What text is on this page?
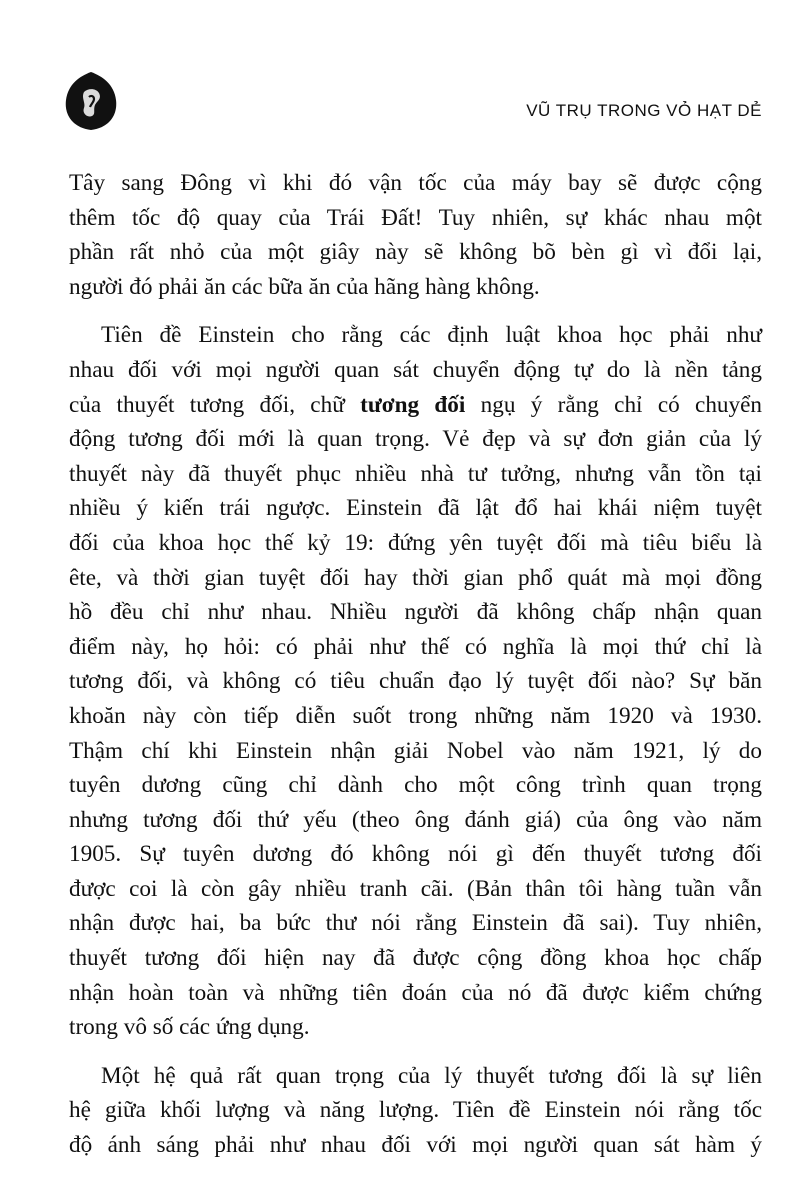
VŨ TRỤ TRONG VỎ HẠT DẺ

Tây sang Đông vì khi đó vận tốc của máy bay sẽ được cộng
thêm tốc độ quay của Trái Đất! Tuy nhiên, sự khác nhau một
phần rất nhỏ của một giây này sẽ không bõ bèn gì vì đổi lại,
người đó phải ăn các bữa ăn của hãng hàng không.

Tiên đề Einstein cho rằng các định luật khoa học phải như
nhau đối với mọi người quan sát chuyển động tự do là nền tảng
của thuyết tương đối, chữ tương đối ngụ ý rằng chỉ có chuyển
động tương đối mới là quan trọng. Vẻ đẹp và sự đơn giản của lý
thuyết này đã thuyết phục nhiều nhà tư tưởng, nhưng vẫn tồn tại
nhiều ý kiến trái ngược. Einstein đã lật đổ hai khái niệm tuyệt
đối của khoa học thế kỷ 19: đứng yên tuyệt đối mà tiêu biểu là
ête, và thời gian tuyệt đối hay thời gian phổ quát mà mọi đồng
hồ đều chỉ như nhau. Nhiều người đã không chấp nhận quan
điểm này, họ hỏi: có phải như thế có nghĩa là mọi thứ chỉ là
tương đối, và không có tiêu chuẩn đạo lý tuyệt đối nào? Sự băn
khoăn này còn tiếp diễn suốt trong những năm 1920 và 1930.
Thậm chí khi Einstein nhận giải Nobel vào năm 1921, lý do
tuyên dương cũng chỉ dành cho một công trình quan trọng
nhưng tương đối thứ yếu (theo ông đánh giá) của ông vào năm
1905. Sự tuyên dương đó không nói gì đến thuyết tương đối
được coi là còn gây nhiều tranh cãi. (Bản thân tôi hàng tuần vẫn
nhận được hai, ba bức thư nói rằng Einstein đã sai). Tuy nhiên,
thuyết tương đối hiện nay đã được cộng đồng khoa học chấp
nhận hoàn toàn và những tiên đoán của nó đã được kiểm chứng
trong vô số các ứng dụng.

Một hệ quả rất quan trọng của lý thuyết tương đối là sự liên
hệ giữa khối lượng và năng lượng. Tiên đề Einstein nói rằng tốc
độ ánh sáng phải như nhau đối với mọi người quan sát hàm ý
